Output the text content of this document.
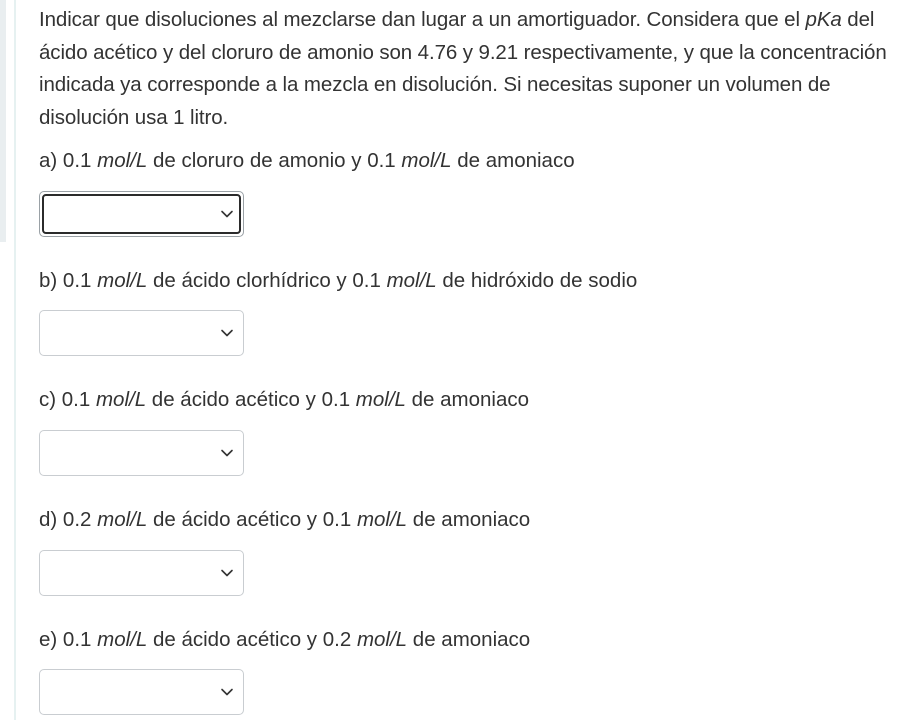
Indicar que disoluciones al mezclarse dan lugar a un amortiguador. Considera que el pKa del ácido acético y del cloruro de amonio son 4.76 y 9.21 respectivamente, y que la concentración indicada ya corresponde a la mezcla en disolución. Si necesitas suponer un volumen de disolución usa 1 litro.

a) 0.1 mol/L de cloruro de amonio y 0.1 mol/L de amoniaco

b) 0.1 mol/L de ácido clorhídrico y 0.1 mol/L de hidróxido de sodio

c) 0.1 mol/L de ácido acético y 0.1 mol/L de amoniaco

d) 0.2 mol/L de ácido acético y 0.1 mol/L de amoniaco

e) 0.1 mol/L de ácido acético y 0.2 mol/L de amoniaco
